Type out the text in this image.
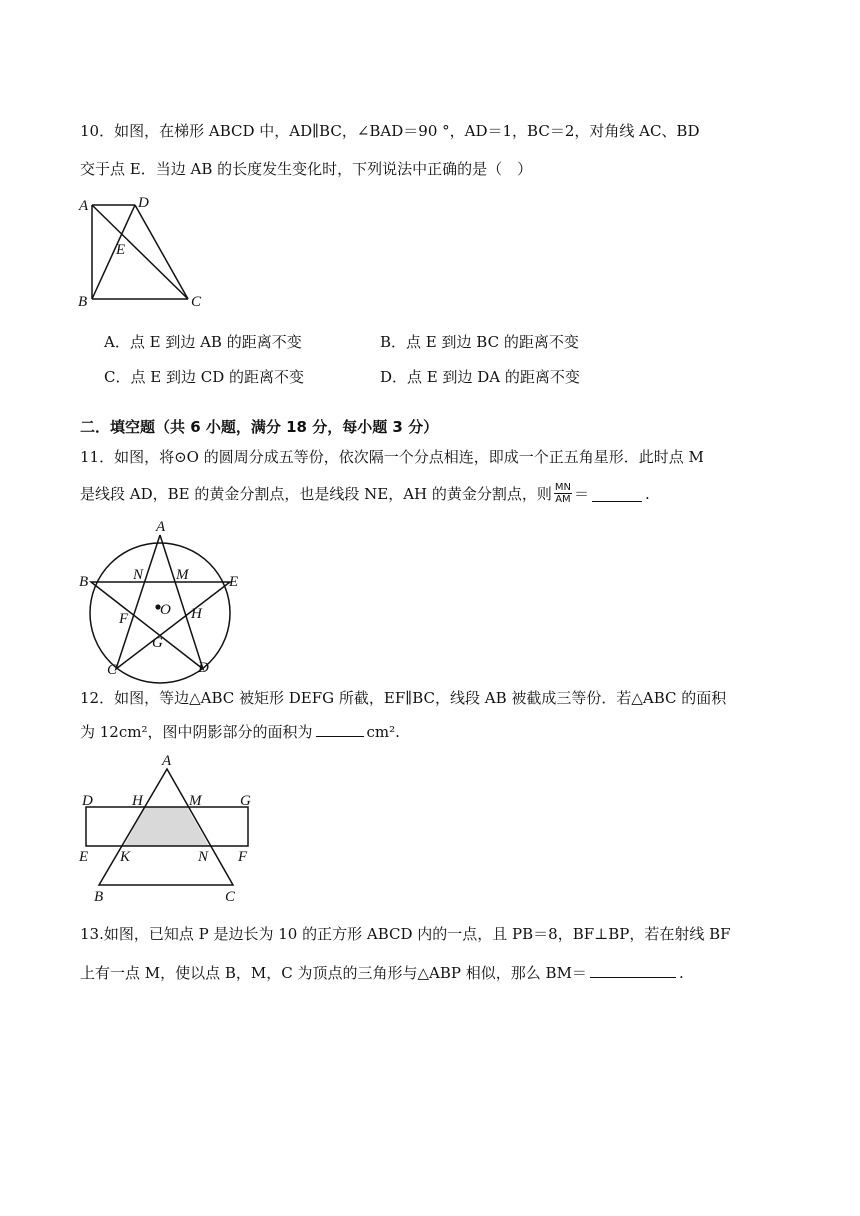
10．如图，在梯形 ABCD 中，AD∥BC，∠BAD＝90 °，AD＝1，BC＝2，对角线 AC、BD
交于点 E．当边 AB 的长度发生变化时，下列说法中正确的是（　）
A	D
E
B	C
A．点 E 到边 AB 的距离不变	B．点 E 到边 BC 的距离不变
C．点 E 到边 CD 的距离不变	D．点 E 到边 DA 的距离不变
二．填空题（共 6 小题，满分 18 分，每小题 3 分）
11．如图，将⊙O 的圆周分成五等份，依次隔一个分点相连，即成一个正五角星形．此时点 M
是线段 AD，BE 的黄金分割点，也是线段 NE，AH 的黄金分割点，则 $\frac{MN}{AM}$ ＝	.
A
B	E
N M
F	H
O
G
C	D
12．如图，等边△ABC 被矩形 DEFG 所截，EF∥BC，线段 AB 被截成三等份．若△ABC 的面积
为 12cm²，图中阴影部分的面积为	cm².
A
D	H	M	G
E K	N F
B	C
13.如图，已知点 P 是边长为 10 的正方形 ABCD 内的一点，且 PB＝8，BF⊥BP，若在射线 BF
上有一点 M，使以点 B，M，C 为顶点的三角形与△ABP 相似，那么 BM＝	.
